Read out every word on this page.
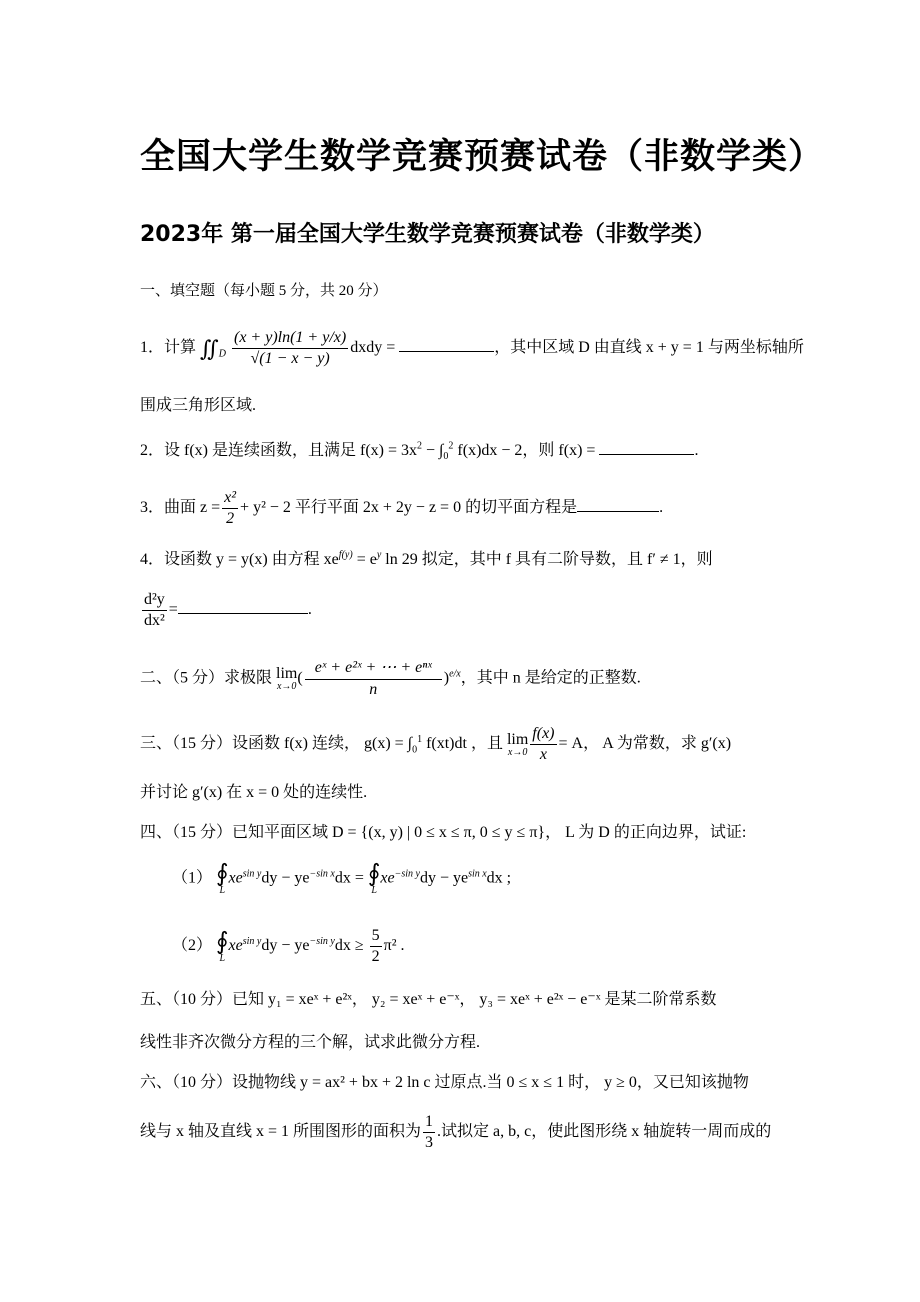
全国大学生数学竞赛预赛试卷（非数学类）
2023年 第一届全国大学生数学竞赛预赛试卷（非数学类）
一、填空题（每小题 5 分，共 20 分）
1．计算 $∬_D \frac{(x + y)\ln(1 + y/x)}{√(1 - x - y)}$ dxdy =	，其中区域 D 由直线 x + y = 1 与两坐标轴所
围成三角形区域.
2．设 f(x) 是连续函数，且满足 $f(x) = 3x^2 - \int_0^2$ f(x)dx − 2，则 f(x) =	.
3．曲面 $z = \frac{\text{x²}}{2} + y^2 - 2$ 平行平面 2x + 2y − z = 0 的切平面方程是	.
4．设函数 y = y(x) 由方程 $xe^{f(y)} = e^y$ ln 29 拟定，其中 f 具有二阶导数，且 f′ ≠ 1，则
$\frac{\text{d²y}}{\text{dx²}}$ =	.
二、（5 分）求极限 lim
x→0 ( $\frac{\text{eˣ + e²ˣ + ⋯ + eⁿˣ}}{n} )^{e/x}$，其中 n 是给定的正整数.
三、（15 分）设函数 f(x) 连续， $g(x) = \int_0^1$ f(xt)dt ，且 lim
$x\to 0 \frac{f(x)}{x} = A$， A 为常数，求 g′(x)
并讨论 g′(x) 在 x = 0 处的连续性.
四、（15 分）已知平面区域 D = {(x, y) | 0 ≤ x ≤ π, 0 ≤ y ≤ π}， L 为 D 的正向边界，试证:
（1） ∮
L
$xe^{sin y}dy - ye^{-sin x}dx$ = ∮
L
$xe^{-sin y}dy - ye^{sin x}dx$ ;
（2） ∮
L
$xe^{sin y}dy - ye^{-sin y}dx \ge \frac{5}{2} \pi^2$ .
五、（10 分）已知 y₁ = xeˣ + e²ˣ， y₂ = xeˣ + e⁻ˣ， y₃ = xeˣ + e²ˣ − e⁻ˣ 是某二阶常系数
线性非齐次微分方程的三个解，试求此微分方程.
六、（10 分）设抛物线 y = ax² + bx + 2 ln c 过原点.当 0 ≤ x ≤ 1 时， y ≥ 0，又已知该抛物
线与 x 轴及直线 x = 1 所围图形的面积为 $\frac{1}{3}$ .试拟定 a, b, c，使此图形绕 x 轴旋转一周而成的
